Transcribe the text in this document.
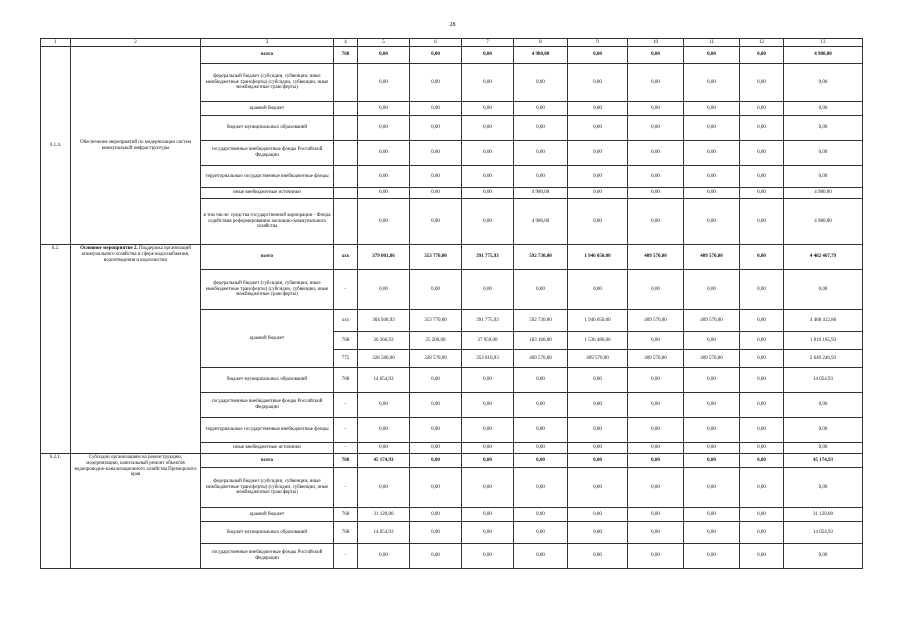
28
1	2	3	4	5	6	7	8	9	10	11	12	13
6.1.4.	Обеспечение мероприятий по модернизации систем коммунальной инфраструктуры	всего	768	0,00	0,00	0,00	4 980,00	0,00	0,00	0,00	0,00	4 980,00
		федеральный бюджет (субсидии, субвенции, иные межбюджетные трансферты) (субсидии, субвенции, иные межбюджетные трансферты)		0,00	0,00	0,00	0,00	0,00	0,00	0,00	0,00	0,00
		краевой бюджет		0,00	0,00	0,00	0,00	0,00	0,00	0,00	0,00	0,00
		бюджет муниципальных образований		0,00	0,00	0,00	0,00	0,00	0,00	0,00	0,00	0,00
		государственные внебюджетные фонды Российской Федерации		0,00	0,00	0,00	0,00	0,00	0,00	0,00	0,00	0,00
		территориальные государственные внебюджетные фонды		0,00	0,00	0,00	0,00	0,00	0,00	0,00	0,00	0,00
		иные внебюджетные источники		0,00	0,00	0,00	4 980,00	0,00	0,00	0,00	0,00	4 980,00
		в том числе: средства государственной корпорации - Фонда содействия реформированию жилищно-коммунального хозяйства		0,00	0,00	0,00	4 980,00	0,00	0,00	0,00	0,00	4 980,00
6.2.	Основное мероприятие 2. Поддержка организаций коммунального хозяйства в сфере водоснабжения, водоотведения и водоочистки	всего	ххх	379 001,86	353 770,00	391 775,93	592 730,00	1 946 050,00	409 570,00	409 570,00	0,00	4 482 467,79
		федеральный бюджет (субсидии, субвенции, иные межбюджетные трансферты) (субсидии, субвенции, иные межбюджетные трансферты)	-	0,00	0,00	0,00	0,00	0,00	0,00	0,00	0,00	0,00
		краевой бюджет	ххх	364 946,93	353 770,00	391 775,93	592 730,00	1 946 050,00	409 570,00	409 570,00	0,00	4 468 412,86
			768	36 366,93	25 200,00	37 959,00	183 160,00	1 536 480,00	0,00	0,00	0,00	1 819 165,93
			775	328 580,00	328 570,00	353 816,93	409 570,00	409 570,00	409 570,00	409 570,00	0,00	2 649 246,93
		бюджет муниципальных образований	768	14 054,93	0,00	0,00	0,00	0,00	0,00	0,00	0,00	14 054,93
		государственные внебюджетные фонды Российской Федерации	-	0,00	0,00	0,00	0,00	0,00	0,00	0,00	0,00	0,00
		территориальные государственные внебюджетные фонды	-	0,00	0,00	0,00	0,00	0,00	0,00	0,00	0,00	0,00
		иные внебюджетные источники	-	0,00	0,00	0,00	0,00	0,00	0,00	0,00	0,00	0,00
6.2.1.	Субсидии организациям на реконструкцию, модернизацию, капитальный ремонт объектов водопроводно-канализационного хозяйства Приморского края	всего	768	45 174,93	0,00	0,00	0,00	0,00	0,00	0,00	0,00	45 174,93
		федеральный бюджет (субсидии, субвенции, иные межбюджетные трансферты) (субсидии, субвенции, иные межбюджетные трансферты)	-	0,00	0,00	0,00	0,00	0,00	0,00	0,00	0,00	0,00
		краевой бюджет	768	31 120,00	0,00	0,00	0,00	0,00	0,00	0,00	0,00	31 120,00
		бюджет муниципальных образований	768	14 054,93	0,00	0,00	0,00	0,00	0,00	0,00	0,00	14 054,93
		государственные внебюджетные фонды Российской Федерации	-	0,00	0,00	0,00	0,00	0,00	0,00	0,00	0,00	0,00
